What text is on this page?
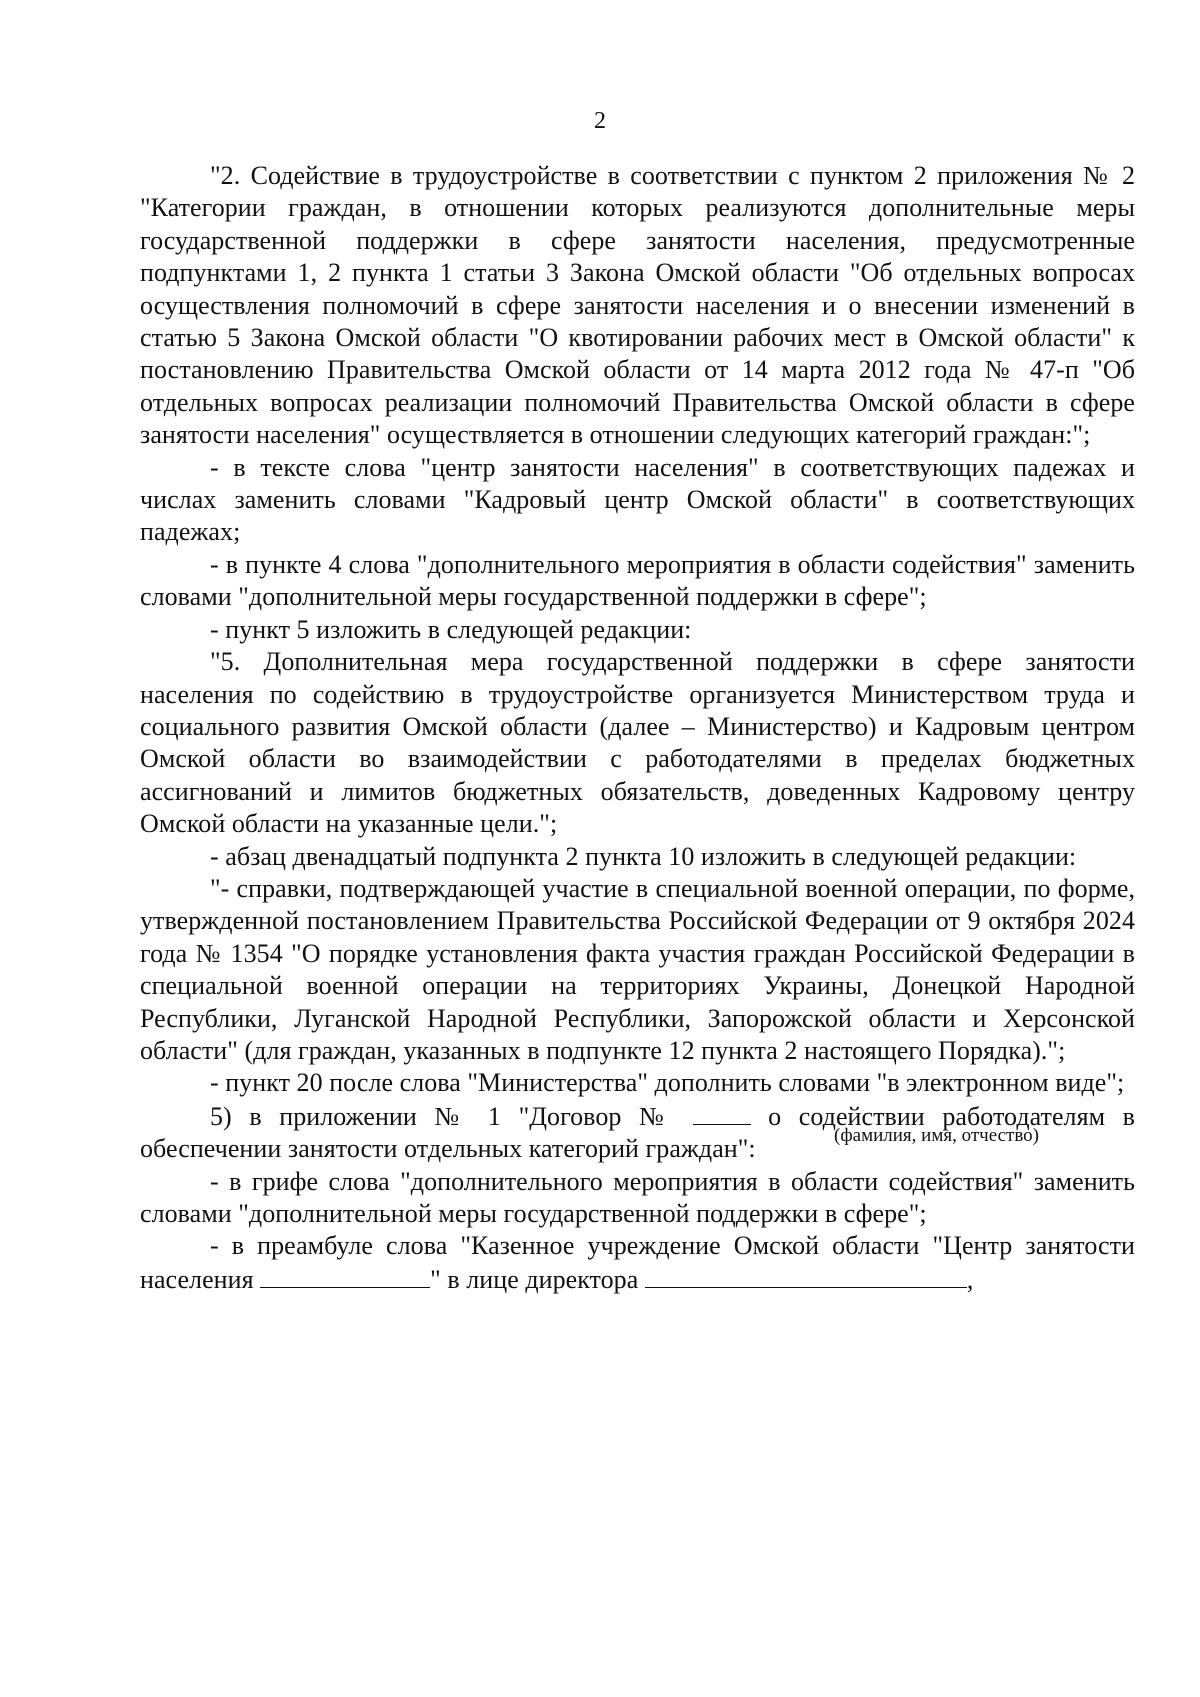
2

"2. Содействие в трудоустройстве в соответствии с пунктом 2 приложения № 2 "Категории граждан, в отношении которых реализуются дополнительные меры государственной поддержки в сфере занятости населения, предусмотренные подпунктами 1, 2 пункта 1 статьи 3 Закона Омской области "Об отдельных вопросах осуществления полномочий в сфере занятости населения и о внесении изменений в статью 5 Закона Омской области "О квотировании рабочих мест в Омской области" к постановлению Правительства Омской области от 14 марта 2012 года № 47-п "Об отдельных вопросах реализации полномочий Правительства Омской области в сфере занятости населения" осуществляется в отношении следующих категорий граждан:";

- в тексте слова "центр занятости населения" в соответствующих падежах и числах заменить словами "Кадровый центр Омской области" в соответствующих падежах;

- в пункте 4 слова "дополнительного мероприятия в области содействия" заменить словами "дополнительной меры государственной поддержки в сфере";

- пункт 5 изложить в следующей редакции:

"5. Дополнительная мера государственной поддержки в сфере занятости населения по содействию в трудоустройстве организуется Министерством труда и социального развития Омской области (далее – Министерство) и Кадровым центром Омской области во взаимодействии с работодателями в пределах бюджетных ассигнований и лимитов бюджетных обязательств, доведенных Кадровому центру Омской области на указанные цели.";

- абзац двенадцатый подпункта 2 пункта 10 изложить в следующей редакции:

"- справки, подтверждающей участие в специальной военной операции, по форме, утвержденной постановлением Правительства Российской Федерации от 9 октября 2024 года № 1354 "О порядке установления факта участия граждан Российской Федерации в специальной военной операции на территориях Украины, Донецкой Народной Республики, Луганской Народной Республики, Запорожской области и Херсонской области" (для граждан, указанных в подпункте 12 пункта 2 настоящего Порядка).";

- пункт 20 после слова "Министерства" дополнить словами "в электронном виде";

5) в приложении № 1 "Договор №  о содействии работодателям в обеспечении занятости отдельных категорий граждан":

- в грифе слова "дополнительного мероприятия в области содействия" заменить словами "дополнительной меры государственной поддержки в сфере";

- в преамбуле слова "Казенное учреждение Омской области "Центр занятости населения	" в лице директора	,

(фамилия, имя, отчество)
